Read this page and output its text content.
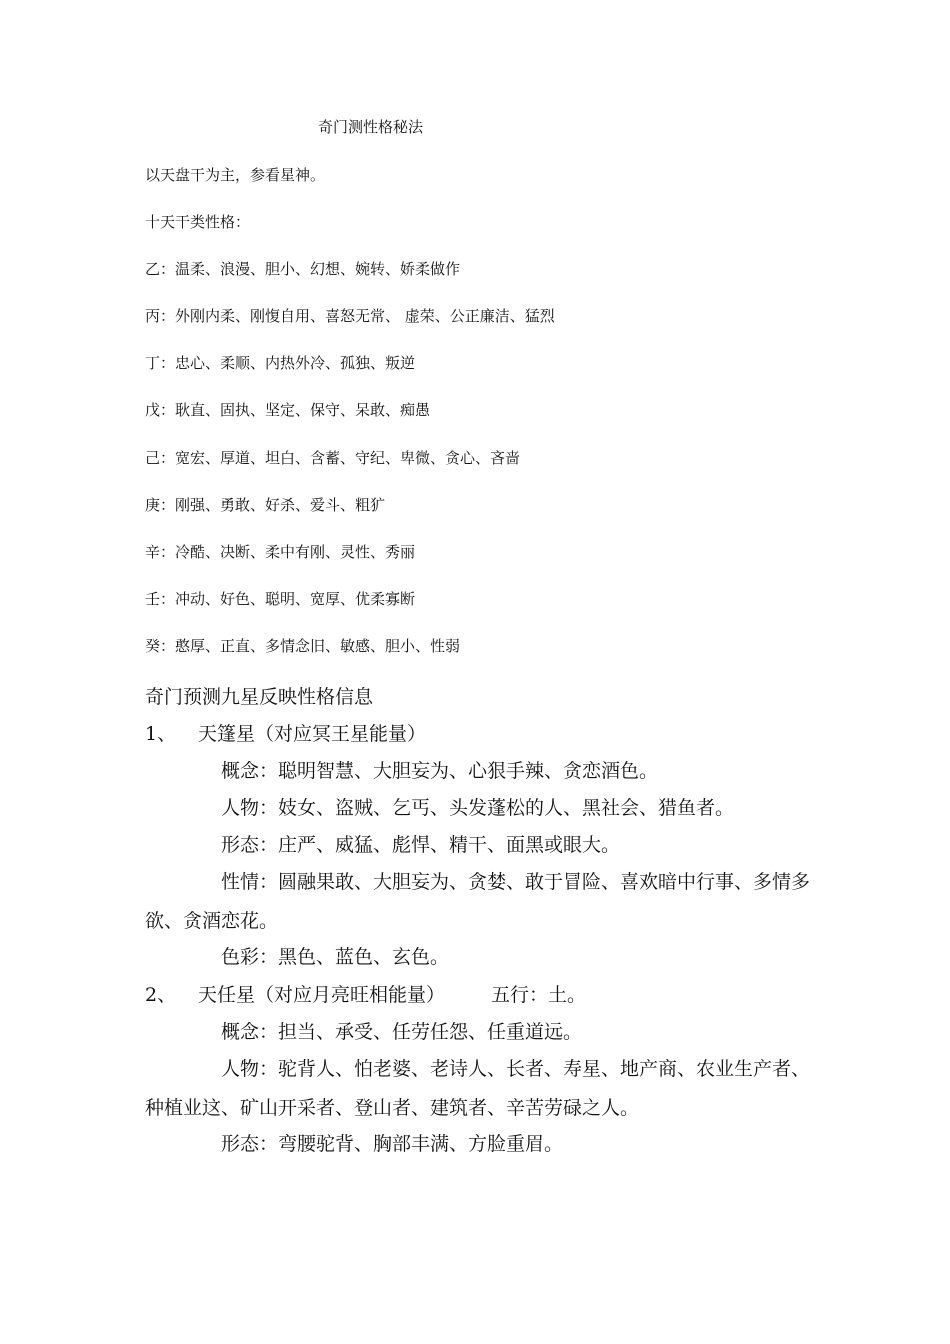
奇门测性格秘法
以天盘干为主，参看星神。
十天干类性格：
乙：温柔、浪漫、胆小、幻想、婉转、娇柔做作
丙：外刚内柔、刚愎自用、喜怒无常、 虚荣、公正廉洁、猛烈
丁：忠心、柔顺、内热外冷、孤独、叛逆
戊：耿直、固执、坚定、保守、呆敢、痴愚
己：宽宏、厚道、坦白、含蓄、守纪、卑微、贪心、吝啬
庚：刚强、勇敢、好杀、爱斗、粗犷
辛：冷酷、决断、柔中有刚、灵性、秀丽
壬：冲动、好色、聪明、宽厚、优柔寡断
癸：憨厚、正直、多情念旧、敏感、胆小、性弱
奇门预测九星反映性格信息
1、 天篷星（对应冥王星能量）
概念：聪明智慧、大胆妄为、心狠手辣、贪恋酒色。
人物：妓女、盗贼、乞丐、头发蓬松的人、黑社会、猎鱼者。
形态：庄严、威猛、彪悍、精干、面黑或眼大。
性情：圆融果敢、大胆妄为、贪婪、敢于冒险、喜欢暗中行事、多情多
欲、贪酒恋花。
色彩：黑色、蓝色、玄色。
2、 天任星（对应月亮旺相能量） 五行：土。
概念：担当、承受、任劳任怨、任重道远。
人物：驼背人、怕老婆、老诗人、长者、寿星、地产商、农业生产者、
种植业这、矿山开采者、登山者、建筑者、辛苦劳碌之人。
形态：弯腰驼背、胸部丰满、方脸重眉。
